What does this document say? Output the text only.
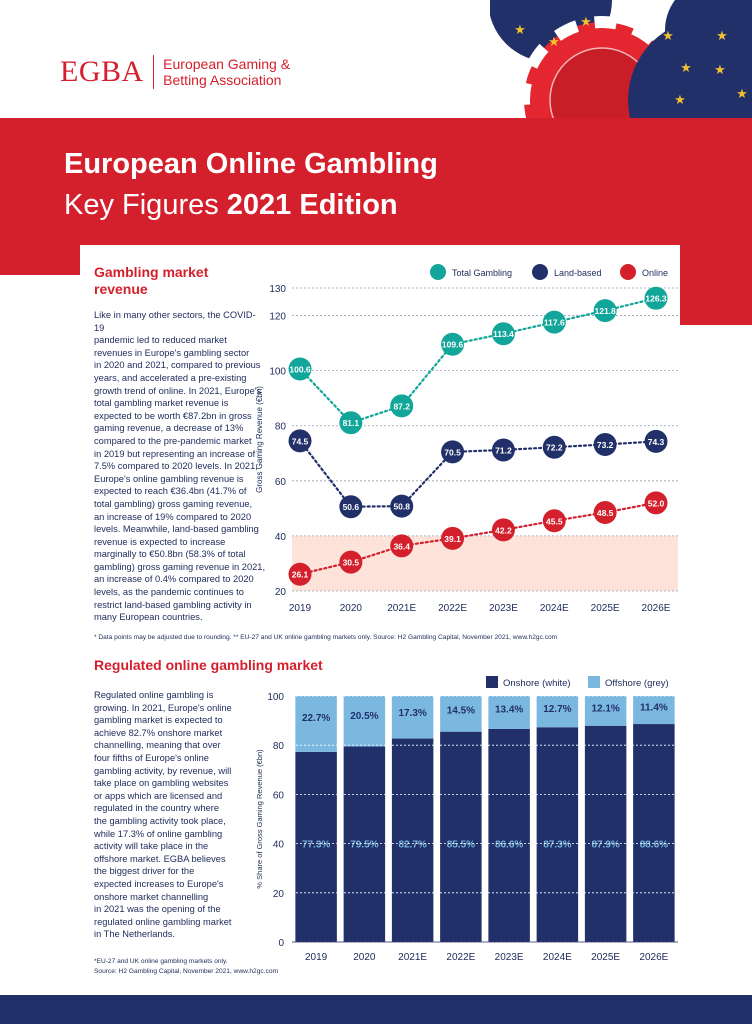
★
★
★
★ ★
★	★
★	★
EGBA European Gaming &
Betting Association
European Online Gambling
Key Figures 2021 Edition
Gambling market
revenue
Like in many other sectors, the COVID-19
pandemic led to reduced market
revenues in Europe's gambling sector
in 2020 and 2021, compared to previous
years, and accelerated a pre-existing
growth trend of online. In 2021, Europe's
total gambling market revenue is
expected to be worth €87.2bn in gross
gaming revenue, a decrease of 13%
compared to the pre-pandemic market
in 2019 but representing an increase of
7.5% compared to 2020 levels. In 2021,
Europe's online gambling revenue is
expected to reach €36.4bn (41.7% of
total gambling) gross gaming revenue,
an increase of 19% compared to 2020
levels. Meanwhile, land-based gambling
revenue is expected to increase
marginally to €50.8bn (58.3% of total
gambling) gross gaming revenue in 2021,
an increase of 0.4% compared to 2020
levels, as the pandemic continues to
restrict land-based gambling activity in
many European countries.
20
40
60
80
100
120
130
Gross Gaming Revenue (€bn)
2019	2020	2021E 2022E 2023E 2024E 2025E 2026E
Total Gambling	Land-based	Online
100.6
81.1
87.2
109.6
113.4
117.6
121.8
126.3
74.5
50.6	50.8
70.5	71.2	72.2	73.2	74.3
26.1
30.5
36.4
39.1
42.2
45.5
48.5
52.0
* Data points may be adjusted due to rounding. ** EU-27 and UK online gambling markets only. Source: H2 Gambling Capital, November 2021, www.h2gc.com
Regulated online gambling market
Regulated online gambling is
growing. In 2021, Europe's online
gambling market is expected to
achieve 82.7% onshore market
channelling, meaning that over
four fifths of Europe's online
gambling activity, by revenue, will
take place on gambling websites
or apps which are licensed and
regulated in the country where
the gambling activity took place,
while 17.3% of online gambling
activity will take place in the
offshore market. EGBA believes
the biggest driver for the
expected increases to Europe's
onshore market channelling
in 2021 was the opening of the
regulated online gambling market
in The Netherlands.
Onshore (white)	Offshore (grey)
0
20
40
60
80
100
% Share of Gross Gaming Revenue (€bn)	77.3%
22.7%
2019
79.5%
20.5%
2020
82.7%
17.3%
2021E
85.5%
14.5%
2022E
86.6%
13.4%
2023E
87.3%
12.7%
2024E
87.9%
12.1%
2025E
88.6%
11.4%
2026E
*EU-27 and UK online gambling markets only.
Source: H2 Gambling Capital, November 2021, www.h2gc.com
